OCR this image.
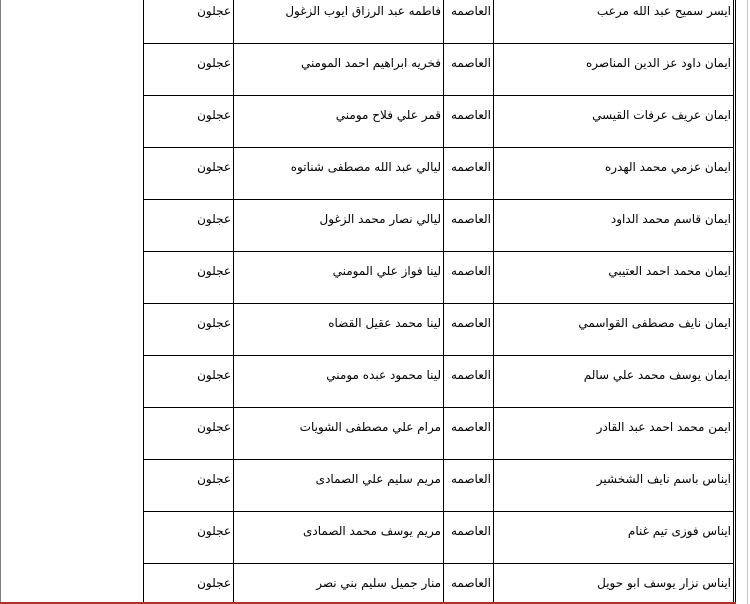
عجلون	فاطمه عبد الرزاق ايوب الزغول	العاصمه	ايسر سميح عبد الله مرعب

عجلون	فخريه ابراهيم احمد المومني	العاصمه	ايمان داود عز الدين المناصره

عجلون	قمر علي فلاح مومني	العاصمه	ايمان عريف عرفات القيسي

عجلون	ليالي عبد الله مصطفى شناتوه	العاصمه	ايمان عزمي محمد الهدره

عجلون	ليالي نصار محمد الزغول	العاصمه	ايمان قاسم محمد الداود

عجلون	لينا فواز علي المومني	العاصمه	ايمان محمد احمد العتيبي

عجلون	لينا محمد عقيل القضاه	العاصمه	ايمان نايف مصطفى القواسمي

عجلون	لينا محمود عبده مومني	العاصمه	ايمان يوسف محمد علي سالم

عجلون	مرام علي مصطفى الشويات	العاصمه	ايمن محمد احمد عبد القادر

عجلون	مريم سليم علي الصمادى	العاصمه	ايناس باسم نايف الشخشير

عجلون	مريم يوسف محمد الصمادى	العاصمه	ايناس فوزى تيم غنام

عجلون	منار جميل سليم بني نصر	العاصمه	ايناس نزار يوسف ابو حويل
